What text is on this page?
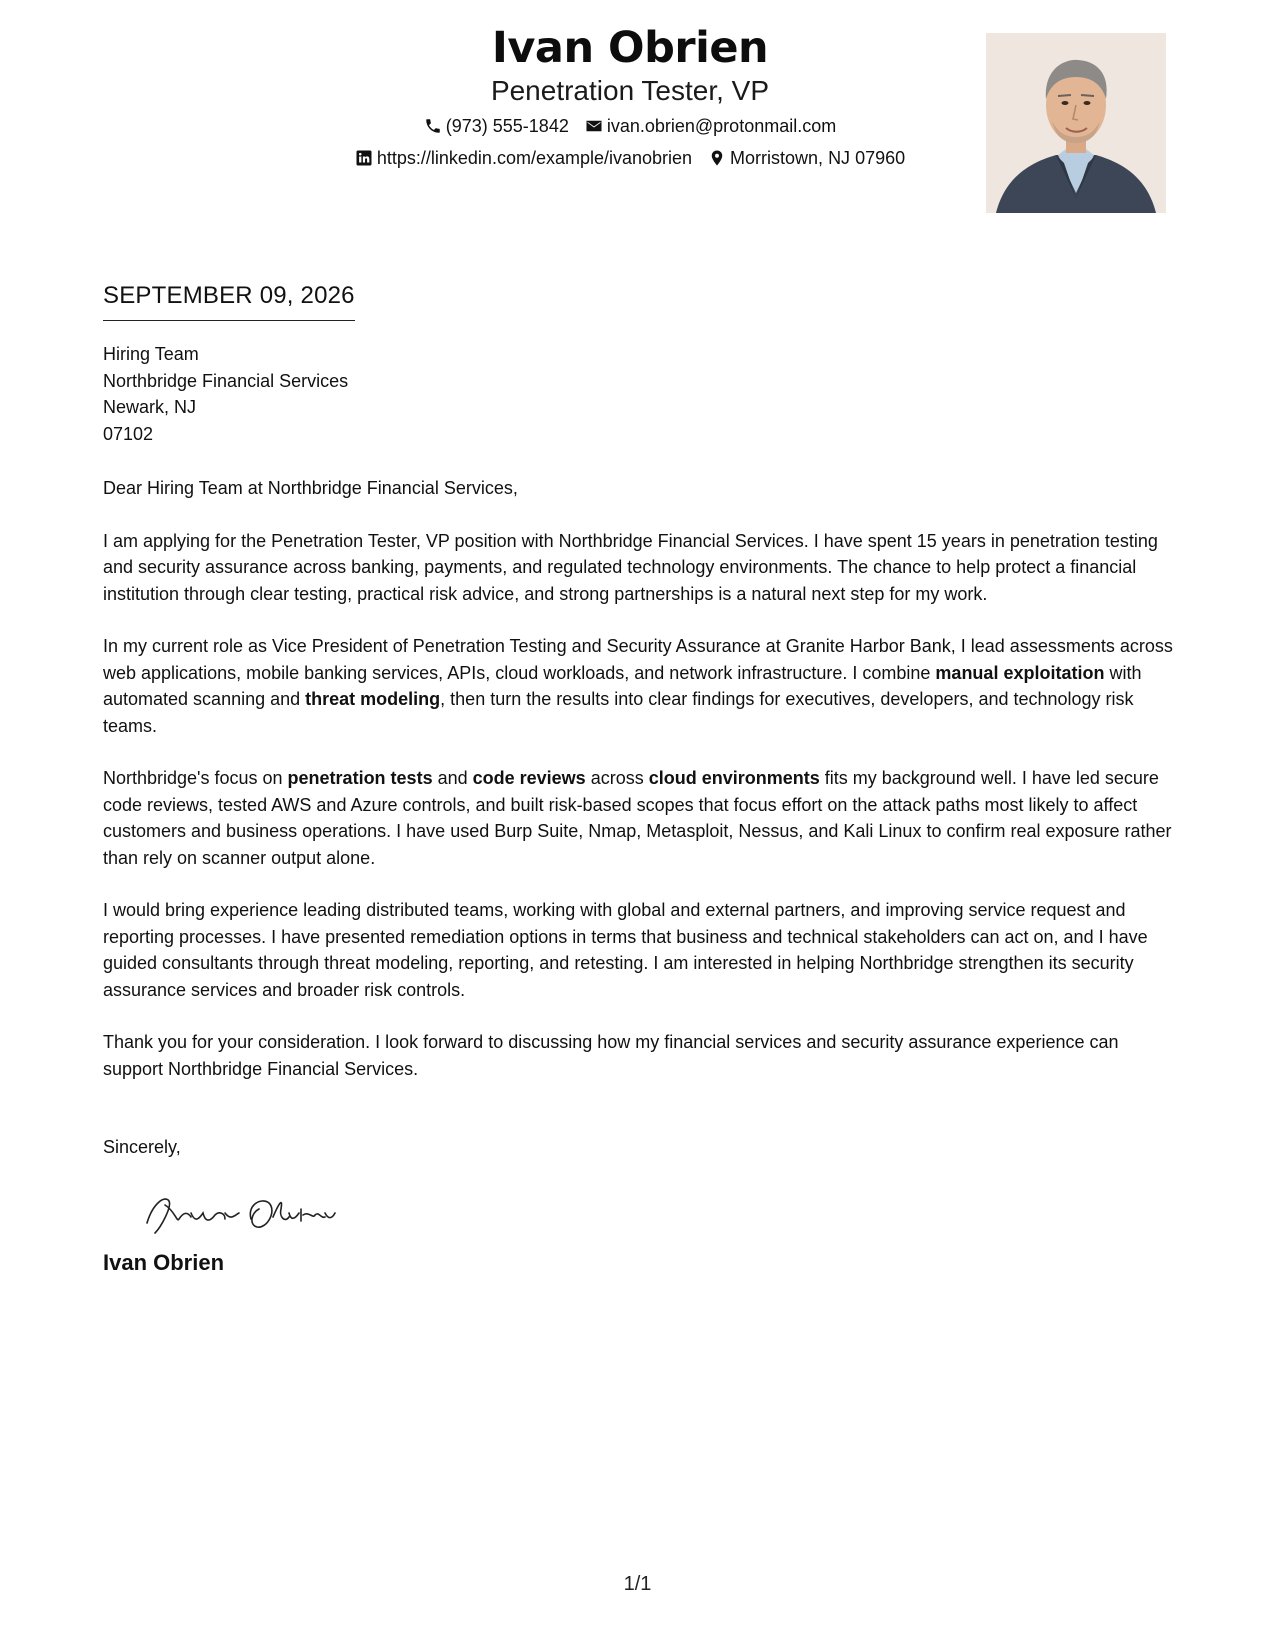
Ivan Obrien
Penetration Tester, VP
(973) 555-1842 ivan.obrien@protonmail.com
https://linkedin.com/example/ivanobrien Morristown, NJ 07960
SEPTEMBER 09, 2026
Hiring Team
Northbridge Financial Services
Newark, NJ
07102
Dear Hiring Team at Northbridge Financial Services,
I am applying for the Penetration Tester, VP position with Northbridge Financial Services. I have spent 15 years in penetration testing and security assurance across banking, payments, and regulated technology environments. The chance to help protect a financial institution through clear testing, practical risk advice, and strong partnerships is a natural next step for my work.
In my current role as Vice President of Penetration Testing and Security Assurance at Granite Harbor Bank, I lead assessments across web applications, mobile banking services, APIs, cloud workloads, and network infrastructure. I combine manual exploitation with automated scanning and threat modeling, then turn the results into clear findings for executives, developers, and technology risk teams.
Northbridge's focus on penetration tests and code reviews across cloud environments fits my background well. I have led secure code reviews, tested AWS and Azure controls, and built risk-based scopes that focus effort on the attack paths most likely to affect customers and business operations. I have used Burp Suite, Nmap, Metasploit, Nessus, and Kali Linux to confirm real exposure rather than rely on scanner output alone.
I would bring experience leading distributed teams, working with global and external partners, and improving service request and reporting processes. I have presented remediation options in terms that business and technical stakeholders can act on, and I have guided consultants through threat modeling, reporting, and retesting. I am interested in helping Northbridge strengthen its security assurance services and broader risk controls.
Thank you for your consideration. I look forward to discussing how my financial services and security assurance experience can support Northbridge Financial Services.
Sincerely,
Ivan Obrien
1/1
